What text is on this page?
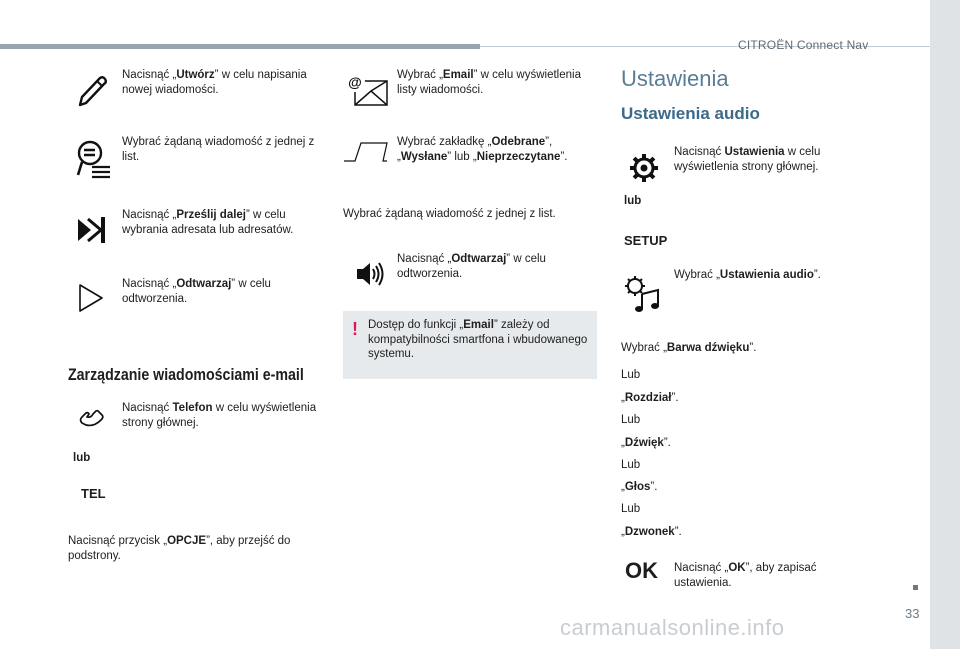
CITROËN Connect Nav
Nacisnąć „Utwórz” w celu napisania nowej wiadomości.
Wybrać żądaną wiadomość z jednej z list.
Nacisnąć „Prześlij dalej” w celu wybrania adresata lub adresatów.
Nacisnąć „Odtwarzaj” w celu odtworzenia.
Zarządzanie wiadomościami e-mail
Nacisnąć Telefon w celu wyświetlenia strony głównej.
lub
TEL
Nacisnąć przycisk „OPCJE”, aby przejść do podstrony.
@	Wybrać „Email” w celu wyświetlenia listy wiadomości.
Wybrać zakładkę „Odebrane”, „Wysłane” lub „Nieprzeczytane”.
Wybrać żądaną wiadomość z jednej z list.
Nacisnąć „Odtwarzaj” w celu odtworzenia.
! Dostęp do funkcji „Email” zależy od kompatybilności smartfona i wbudowanego systemu.
Ustawienia
Ustawienia audio
Nacisnąć Ustawienia w celu wyświetlenia strony głównej.
lub
SETUP
Wybrać „Ustawienia audio”.
Wybrać „Barwa dźwięku”.
Lub
„Rozdział”.
Lub
„Dźwięk”.
Lub
„Głos”.
Lub
„Dzwonek”.
OK Nacisnąć „OK”, aby zapisać ustawienia.
33
carmanualsonline.info
